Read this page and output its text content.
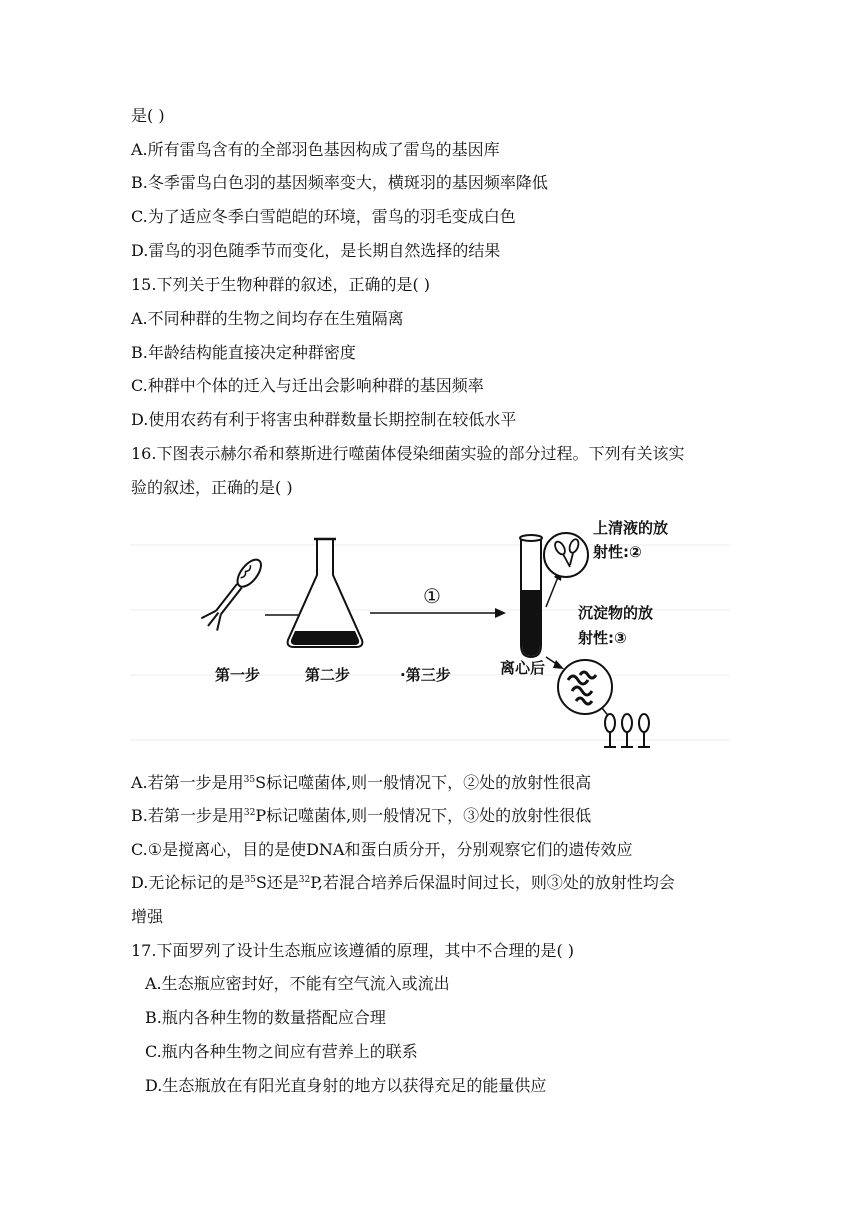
是( )
A.所有雷鸟含有的全部羽色基因构成了雷鸟的基因库
B.冬季雷鸟白色羽的基因频率变大，横斑羽的基因频率降低
C.为了适应冬季白雪皑皑的环境，雷鸟的羽毛变成白色
D.雷鸟的羽色随季节而变化，是长期自然选择的结果
15.下列关于生物种群的叙述，正确的是( )
A.不同种群的生物之间均存在生殖隔离
B.年龄结构能直接决定种群密度
C.种群中个体的迁入与迁出会影响种群的基因频率
D.使用农药有利于将害虫种群数量长期控制在较低水平
16.下图表示赫尔希和蔡斯进行噬菌体侵染细菌实验的部分过程。下列有关该实
验的叙述，正确的是( )
①
第一步	第二步	·第三步	离心后
上清液的放
射性:②
沉淀物的放
射性:③
A.若第一步是用$^{35}$S标记噬菌体,则一般情况下，②处的放射性很高
B.若第一步是用$^{32}$P标记噬菌体,则一般情况下，③处的放射性很低
C.①是搅离心，目的是使DNA和蛋白质分开，分别观察它们的遗传效应
D.无论标记的是$^{35}$S还是$^{32}$P,若混合培养后保温时间过长，则③处的放射性均会
增强
17.下面罗列了设计生态瓶应该遵循的原理，其中不合理的是( )
A.生态瓶应密封好，不能有空气流入或流出
B.瓶内各种生物的数量搭配应合理
C.瓶内各种生物之间应有营养上的联系
D.生态瓶放在有阳光直身射的地方以获得充足的能量供应
